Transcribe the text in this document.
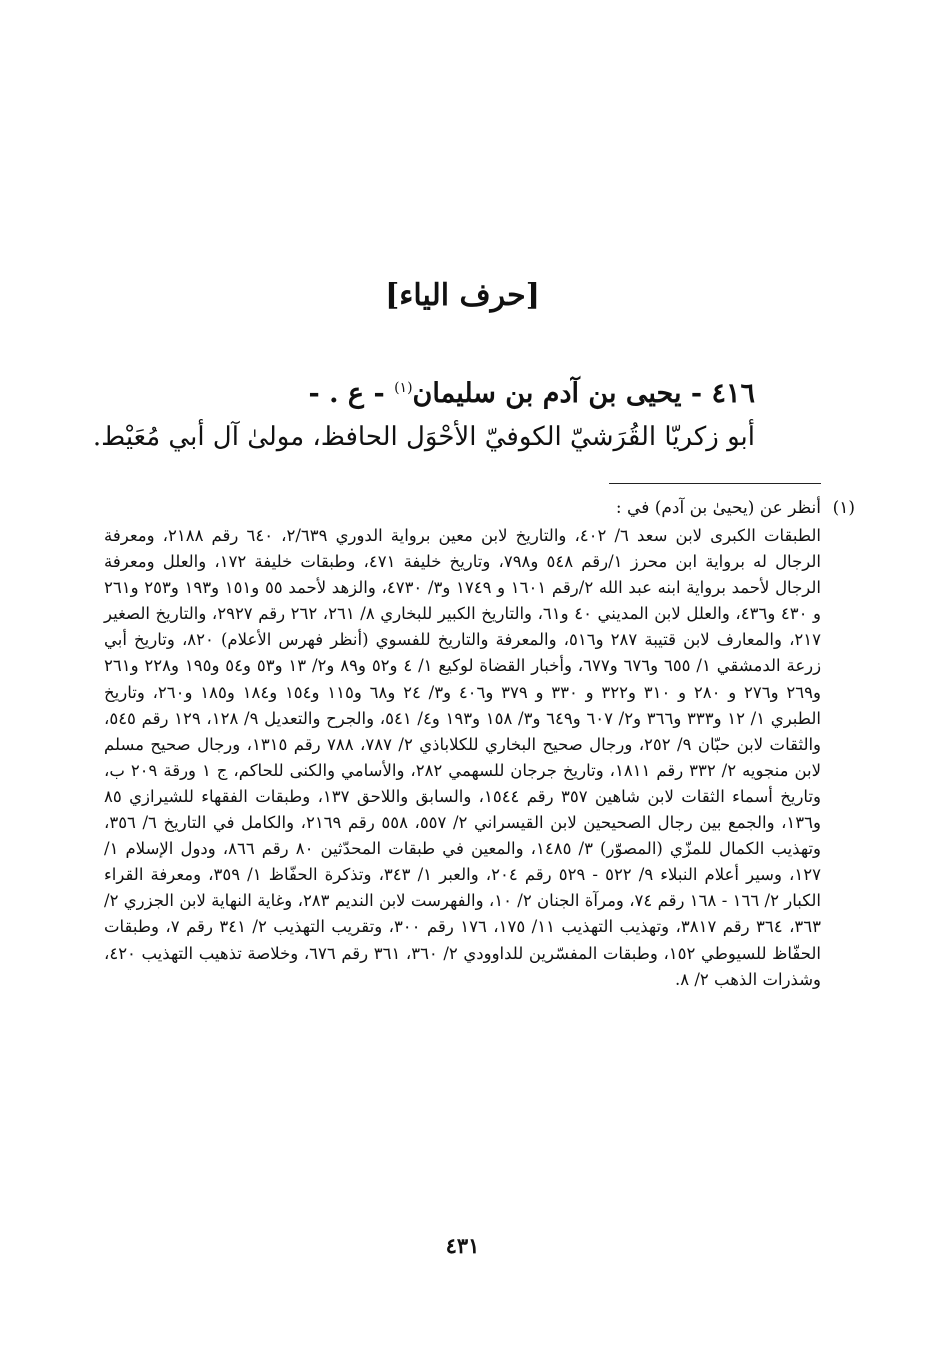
[حرف الياء]
٤١٦ - يحيى بن آدم بن سليمان$^{(١)}$ - ع . -
أبو زكريّا القُرَشيّ الكوفيّ الأحْوَل الحافظ، مولىٰ آل أبي مُعَيْط.
(١)
أنظر عن (يحيىٰ بن آدم) في :
الطبقات الكبرى لابن سعد ٦/ ٤٠٢، والتاريخ لابن معين برواية الدوري ٢/٦٣٩، ٦٤٠ رقم ٢١٨٨، ومعرفة الرجال له برواية ابن محرز ١/رقم ٥٤٨ و٧٩٨، وتاريخ خليفة ٤٧١، وطبقات خليفة ١٧٢، والعلل ومعرفة الرجال لأحمد برواية ابنه عبد الله ٢/رقم ١٦٠١ و ١٧٤٩ و٣/ ٤٧٣٠، والزهد لأحمد ٥٥ و١٥١ و١٩٣ و٢٥٣ و٢٦١ و ٤٣٠ و٤٣٦، والعلل لابن المديني ٤٠ و٦١، والتاريخ الكبير للبخاري ٨/ ٢٦١، ٢٦٢ رقم ٢٩٢٧، والتاريخ الصغير ٢١٧، والمعارف لابن قتيبة ٢٨٧ و٥١٦، والمعرفة والتاريخ للفسوي (أنظر فهرس الأعلام) ٨٢٠، وتاريخ أبي زرعة الدمشقي ١/ ٦٥٥ و٦٧٦ و٦٧٧، وأخبار القضاة لوكيع ١/ ٤ و٥٢ و٨٩ و٢/ ١٣ و٥٣ و٥٤ و١٩٥ و٢٢٨ و٢٦١ و٢٦٩ و٢٧٦ و ٢٨٠ و ٣١٠ و٣٢٢ و ٣٣٠ و ٣٧٩ و٤٠٦ و٣/ ٢٤ و٦٨ و١١٥ و١٥٤ و١٨٤ و١٨٥ و٢٦٠، وتاريخ الطبري ١/ ١٢ و٣٣٣ و٣٦٦ و٢/ ٦٠٧ و٦٤٩ و٣/ ١٥٨ و١٩٣ و٤/ ٥٤١، والجرح والتعديل ٩/ ١٢٨، ١٢٩ رقم ٥٤٥، والثقات لابن حبّان ٩/ ٢٥٢، ورجال صحيح البخاري للكلاباذي ٢/ ٧٨٧، ٧٨٨ رقم ١٣١٥، ورجال صحيح مسلم لابن منجويه ٢/ ٣٣٢ رقم ١٨١١، وتاريخ جرجان للسهمي ٢٨٢، والأسامي والكنى للحاكم، ج ١ ورقة ٢٠٩ ب، وتاريخ أسماء الثقات لابن شاهين ٣٥٧ رقم ١٥٤٤، والسابق واللاحق ١٣٧، وطبقات الفقهاء للشيرازي ٨٥ و١٣٦، والجمع بين رجال الصحيحين لابن القيسراني ٢/ ٥٥٧، ٥٥٨ رقم ٢١٦٩، والكامل في التاريخ ٦/ ٣٥٦، وتهذيب الكمال للمزّي (المصوّر) ٣/ ١٤٨٥، والمعين في طبقات المحدّثين ٨٠ رقم ٨٦٦، ودول الإسلام ١/ ١٢٧، وسير أعلام النبلاء ٩/ ٥٢٢ - ٥٢٩ رقم ٢٠٤، والعبر ١/ ٣٤٣، وتذكرة الحفّاظ ١/ ٣٥٩، ومعرفة القراء الكبار ٢/ ١٦٦ - ١٦٨ رقم ٧٤، ومرآة الجنان ٢/ ١٠، والفهرست لابن النديم ٢٨٣، وغاية النهاية لابن الجزري ٢/ ٣٦٣، ٣٦٤ رقم ٣٨١٧، وتهذيب التهذيب ١١/ ١٧٥، ١٧٦ رقم ٣٠٠، وتقريب التهذيب ٢/ ٣٤١ رقم ٧، وطبقات الحفّاظ للسيوطي ١٥٢، وطبقات المفسّرين للداوودي ٢/ ٣٦٠، ٣٦١ رقم ٦٧٦، وخلاصة تذهيب التهذيب ٤٢٠، وشذرات الذهب ٢/ ٨.
٤٣١
